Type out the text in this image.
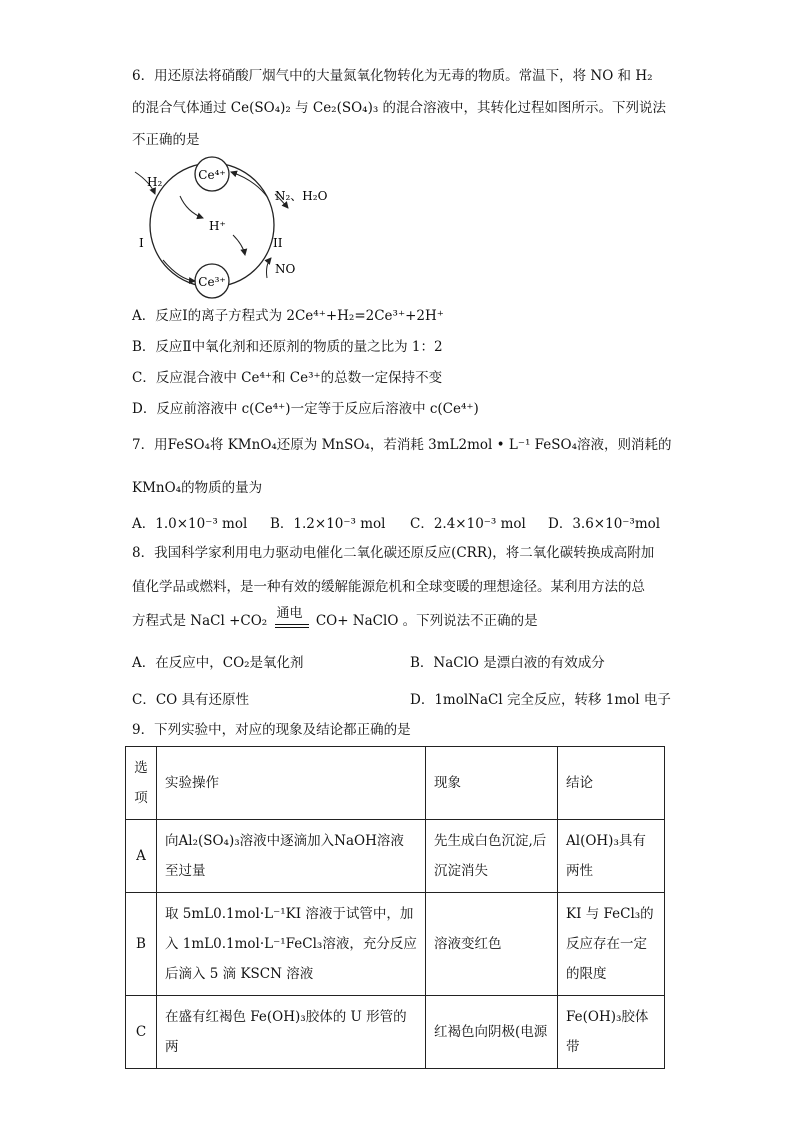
6．用还原法将硝酸厂烟气中的大量氮氧化物转化为无毒的物质。常温下，将 NO 和 H₂
的混合气体通过 Ce(SO₄)₂ 与 Ce₂(SO₄)₃ 的混合溶液中，其转化过程如图所示。下列说法
不正确的是
Ce⁴⁺
Ce³⁺
H₂
H⁺
I
N₂、H₂O
II
NO
A．反应Ⅰ的离子方程式为 2Ce⁴⁺+H₂=2Ce³⁺+2H⁺
B．反应Ⅱ中氧化剂和还原剂的物质的量之比为 1：2
C．反应混合液中 Ce⁴⁺和 Ce³⁺的总数一定保持不变
D．反应前溶液中 c(Ce⁴⁺)一定等于反应后溶液中 c(Ce⁴⁺)
7．用FeSO₄将 KMnO₄还原为 MnSO₄，若消耗 3mL2mol • L⁻¹ FeSO₄溶液，则消耗的
KMnO₄的物质的量为
A．1.0×10⁻³ mol B．1.2×10⁻³ mol C．2.4×10⁻³ mol D．3.6×10⁻³mol
8．我国科学家利用电力驱动电催化二氧化碳还原反应(CRR)，将二氧化碳转换成高附加
值化学品或燃料，是一种有效的缓解能源危机和全球变暖的理想途径。某利用方法的总
方程式是 NaCl +CO₂ 通电 CO+ NaClO 。下列说法不正确的是
A．在反应中，CO₂是氧化剂	B．NaClO 是漂白液的有效成分
C．CO 具有还原性	D．1molNaCl 完全反应，转移 1mol 电子
9．下列实验中，对应的现象及结论都正确的是
选项	实验操作	现象	结论
A	向Al₂(SO₄)₃溶液中逐滴加入NaOH溶液至过量	先生成白色沉淀,后沉淀消失	Al(OH)₃具有两性
B	取 5mL0.1mol·L⁻¹KI 溶液于试管中，加入 1mL0.1mol·L⁻¹FeCl₃溶液，充分反应后滴入 5 滴 KSCN 溶液	溶液变红色	KI 与 FeCl₃的反应存在一定的限度
C	在盛有红褐色 Fe(OH)₃胶体的 U 形管的两	红褐色向阴极(电源	Fe(OH)₃胶体带
